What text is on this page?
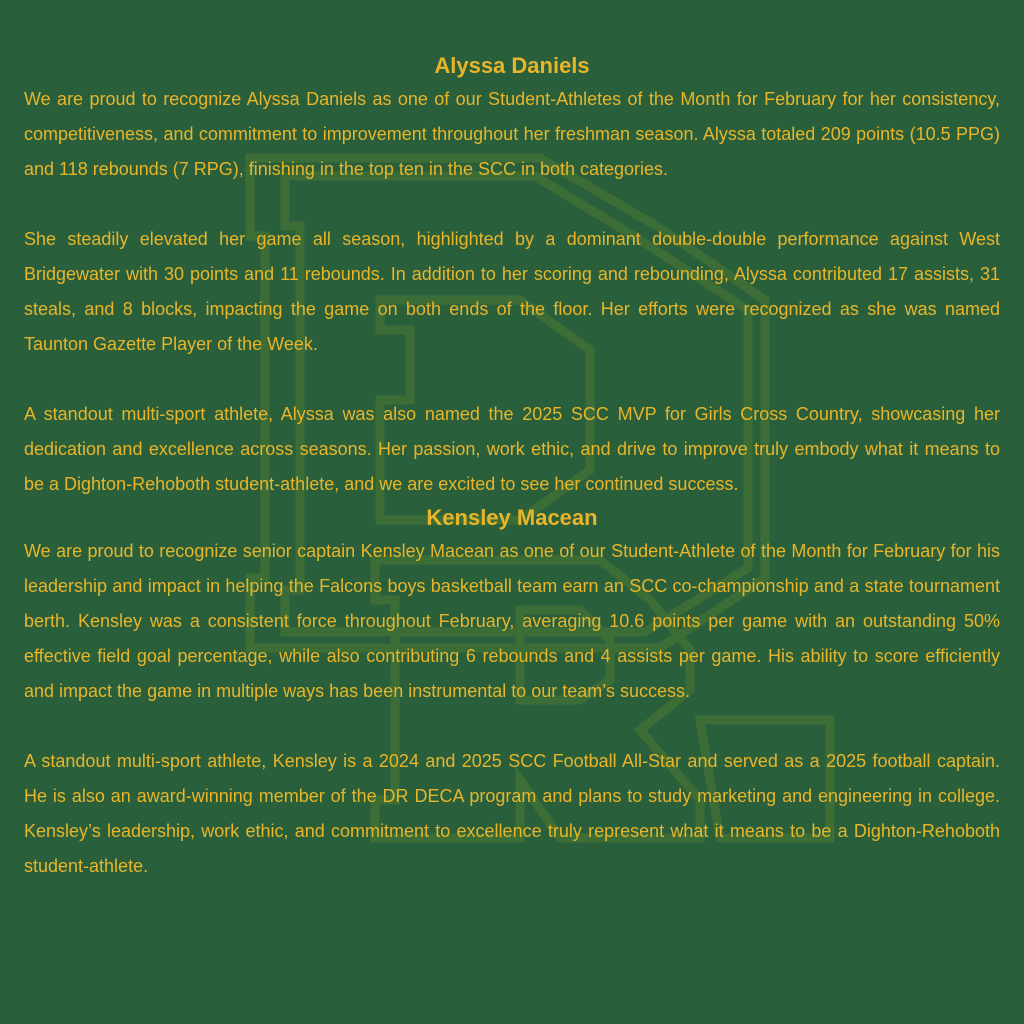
Alyssa Daniels

We are proud to recognize Alyssa Daniels as one of our Student-Athletes of the Month for February for her consistency, competitiveness, and commitment to improvement throughout her freshman season. Alyssa totaled 209 points (10.5 PPG) and 118 rebounds (7 RPG), finishing in the top ten in the SCC in both categories.

She steadily elevated her game all season, highlighted by a dominant double-double performance against West Bridgewater with 30 points and 11 rebounds. In addition to her scoring and rebounding, Alyssa contributed 17 assists, 31 steals, and 8 blocks, impacting the game on both ends of the floor. Her efforts were recognized as she was named Taunton Gazette Player of the Week.

A standout multi-sport athlete, Alyssa was also named the 2025 SCC MVP for Girls Cross Country, showcasing her dedication and excellence across seasons. Her passion, work ethic, and drive to improve truly embody what it means to be a Dighton-Rehoboth student-athlete, and we are excited to see her continued success.

Kensley Macean

We are proud to recognize senior captain Kensley Macean as one of our Student-Athlete of the Month for February for his leadership and impact in helping the Falcons boys basketball team earn an SCC co-championship and a state tournament berth. Kensley was a consistent force throughout February, averaging 10.6 points per game with an outstanding 50% effective field goal percentage, while also contributing 6 rebounds and 4 assists per game. His ability to score efficiently and impact the game in multiple ways has been instrumental to our team’s success.

A standout multi-sport athlete, Kensley is a 2024 and 2025 SCC Football All-Star and served as a 2025 football captain. He is also an award-winning member of the DR DECA program and plans to study marketing and engineering in college. Kensley’s leadership, work ethic, and commitment to excellence truly represent what it means to be a Dighton-Rehoboth student-athlete.
